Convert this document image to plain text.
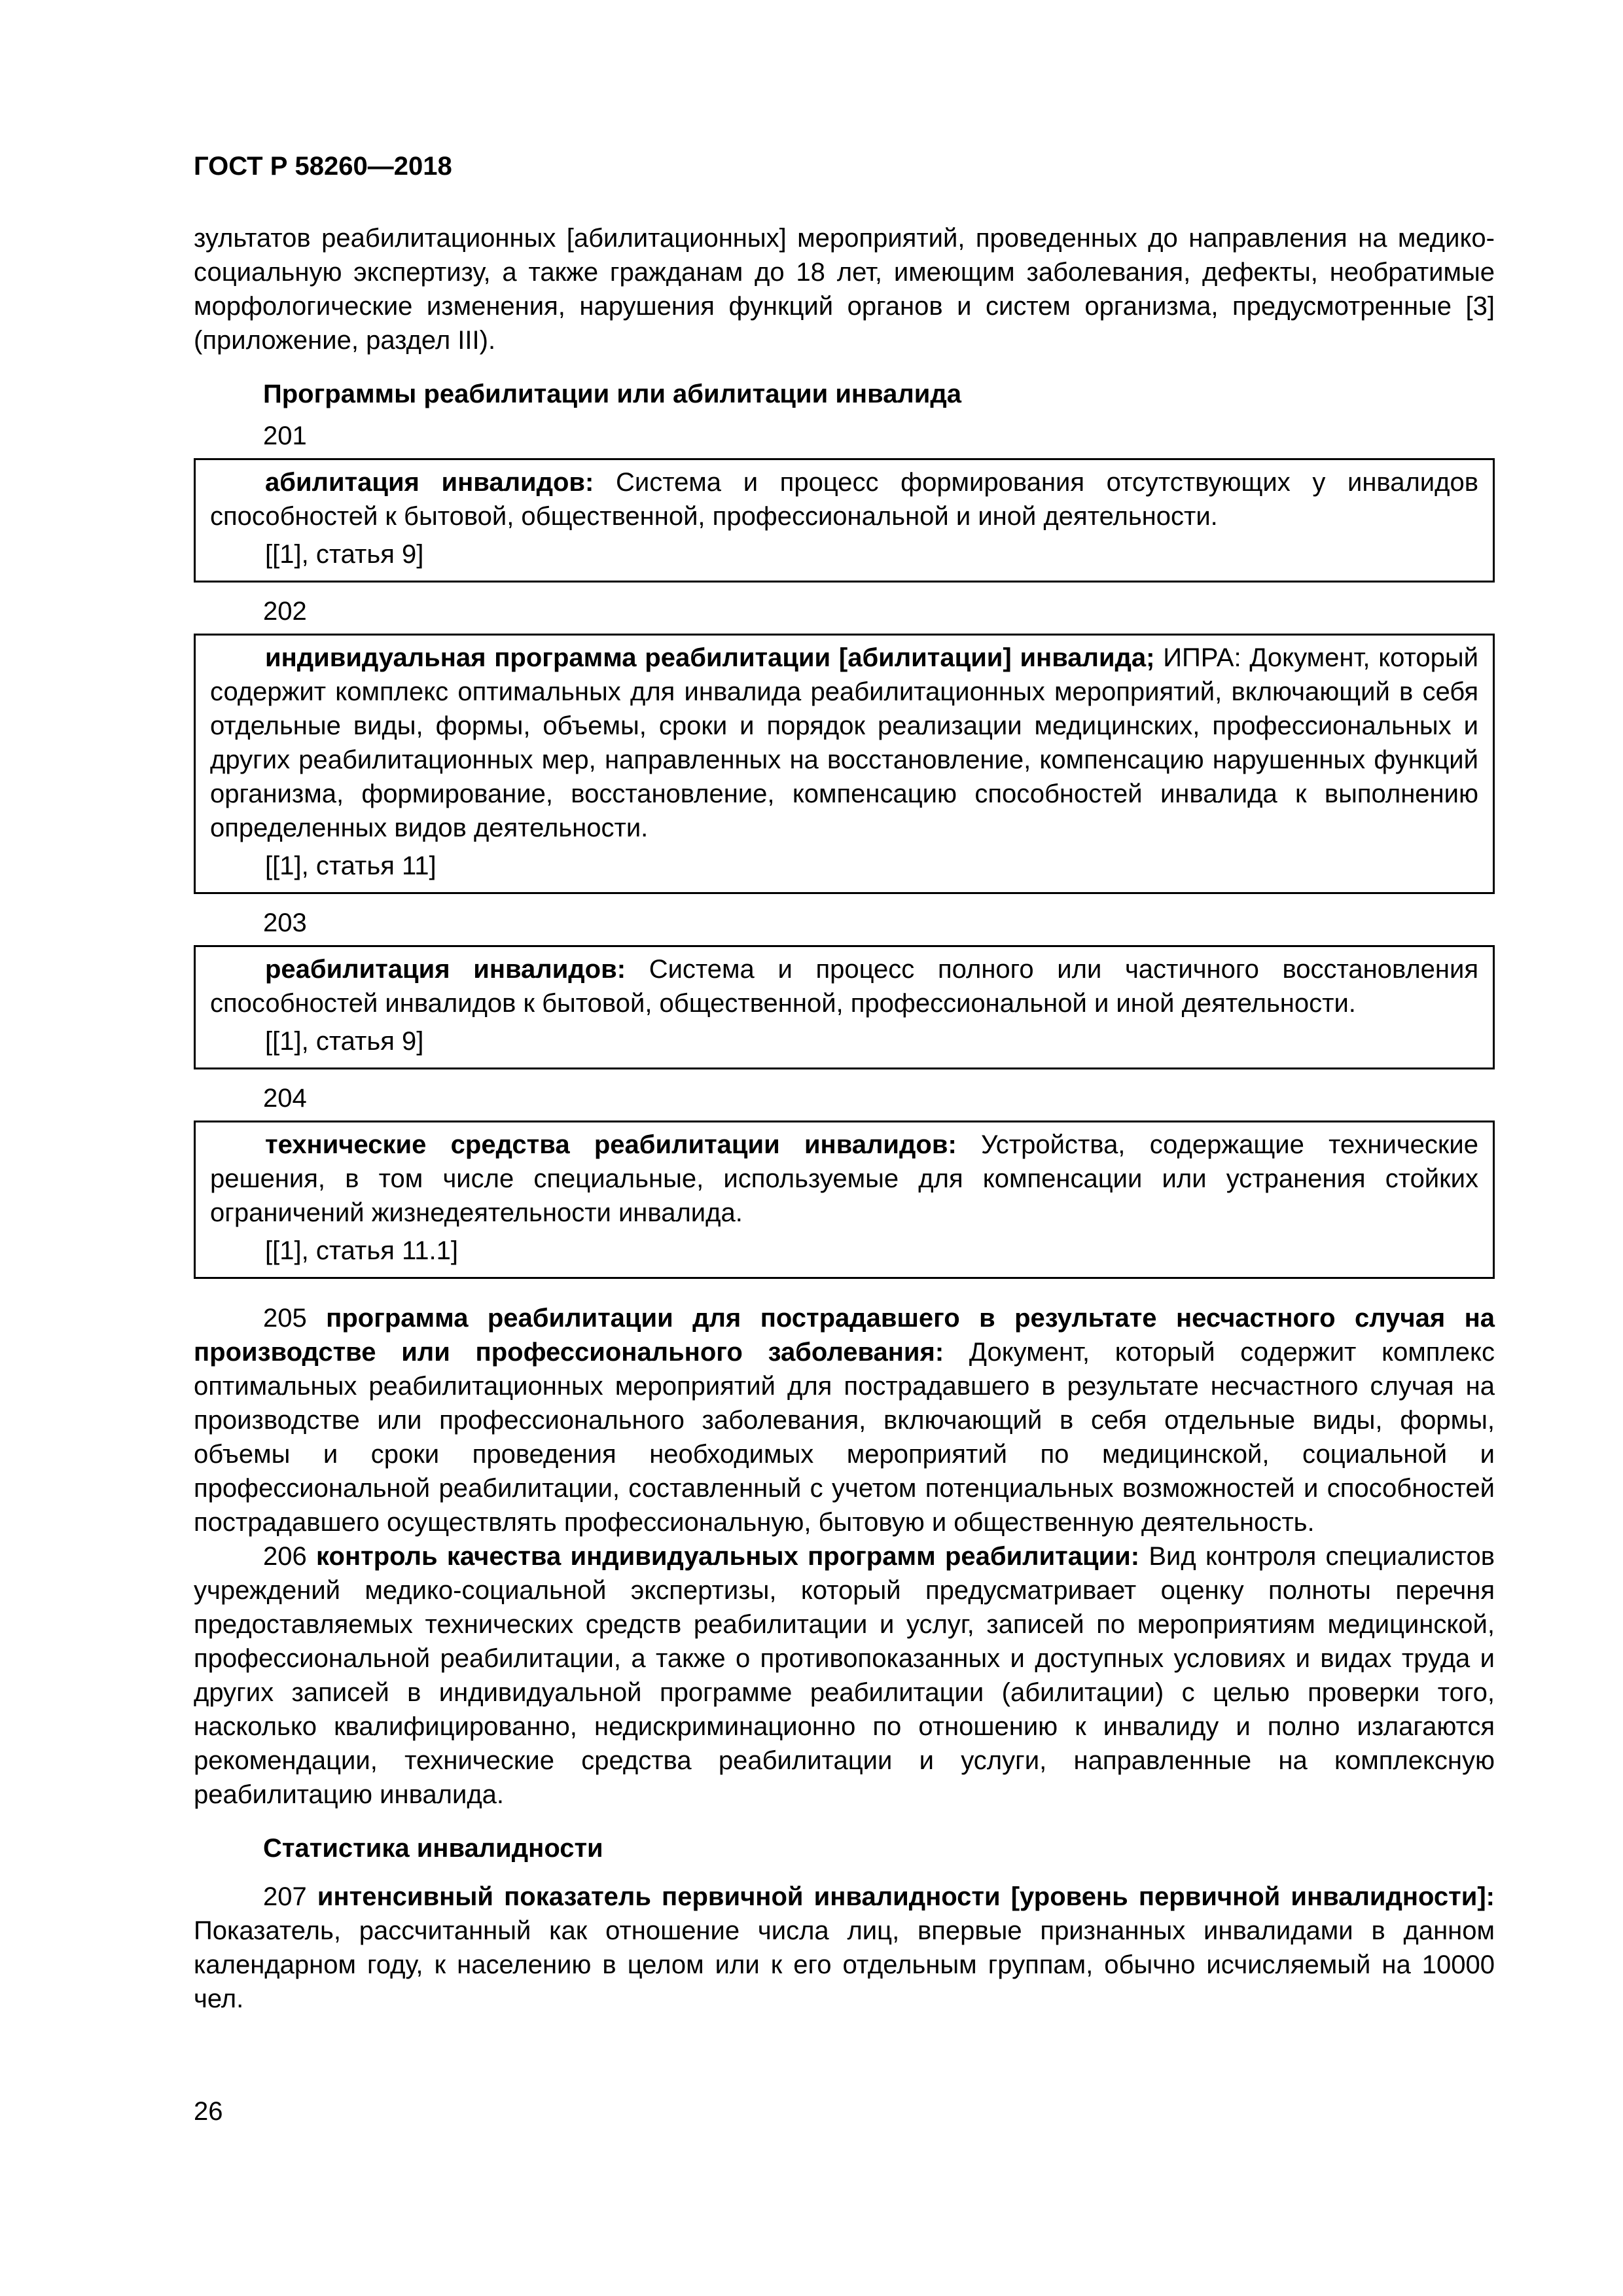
ГОСТ Р 58260—2018

зультатов реабилитационных [абилитационных] мероприятий, проведенных до направления на медико-социальную экспертизу, а также гражданам до 18 лет, имеющим заболевания, дефекты, необратимые морфологические изменения, нарушения функций органов и систем организма, предусмотренные [3] (приложение, раздел III).

Программы реабилитации или абилитации инвалида

201

абилитация инвалидов: Система и процесс формирования отсутствующих у инвалидов способностей к бытовой, общественной, профессиональной и иной деятельности.

[[1], статья 9]

202

индивидуальная программа реабилитации [абилитации] инвалида; ИПРА: Документ, который содержит комплекс оптимальных для инвалида реабилитационных мероприятий, включающий в себя отдельные виды, формы, объемы, сроки и порядок реализации медицинских, профессиональных и других реабилитационных мер, направленных на восстановление, компенсацию нарушенных функций организма, формирование, восстановление, компенсацию способностей инвалида к выполнению определенных видов деятельности.

[[1], статья 11]

203

реабилитация инвалидов: Система и процесс полного или частичного восстановления способностей инвалидов к бытовой, общественной, профессиональной и иной деятельности.

[[1], статья 9]

204

технические средства реабилитации инвалидов: Устройства, содержащие технические решения, в том числе специальные, используемые для компенсации или устранения стойких ограничений жизнедеятельности инвалида.

[[1], статья 11.1]

205 программа реабилитации для пострадавшего в результате несчастного случая на производстве или профессионального заболевания: Документ, который содержит комплекс оптимальных реабилитационных мероприятий для пострадавшего в результате несчастного случая на производстве или профессионального заболевания, включающий в себя отдельные виды, формы, объемы и сроки проведения необходимых мероприятий по медицинской, социальной и профессиональной реабилитации, составленный с учетом потенциальных возможностей и способностей пострадавшего осуществлять профессиональную, бытовую и общественную деятельность.

206 контроль качества индивидуальных программ реабилитации: Вид контроля специалистов учреждений медико-социальной экспертизы, который предусматривает оценку полноты перечня предоставляемых технических средств реабилитации и услуг, записей по мероприятиям медицинской, профессиональной реабилитации, а также о противопоказанных и доступных условиях и видах труда и других записей в индивидуальной программе реабилитации (абилитации) с целью проверки того, насколько квалифицированно, недискриминационно по отношению к инвалиду и полно излагаются рекомендации, технические средства реабилитации и услуги, направленные на комплексную реабилитацию инвалида.

Статистика инвалидности

207 интенсивный показатель первичной инвалидности [уровень первичной инвалидности]: Показатель, рассчитанный как отношение числа лиц, впервые признанных инвалидами в данном календарном году, к населению в целом или к его отдельным группам, обычно исчисляемый на 10000 чел.

26
